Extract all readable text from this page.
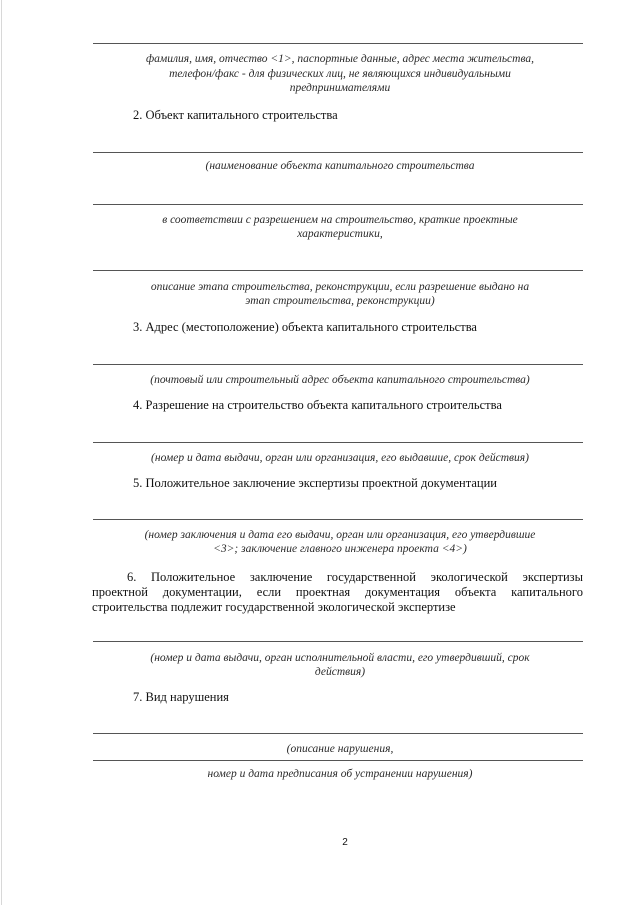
фамилия, имя, отчество <1>, паспортные данные, адрес места жительства,
телефон/факс - для физических лиц, не являющихся индивидуальными
предпринимателями
2. Объект капитального строительства
(наименование объекта капитального строительства
в соответствии с разрешением на строительство, краткие проектные
характеристики,
описание этапа строительства, реконструкции, если разрешение выдано на
этап строительства, реконструкции)
3. Адрес (местоположение) объекта капитального строительства
(почтовый или строительный адрес объекта капитального строительства)
4. Разрешение на строительство объекта капитального строительства
(номер и дата выдачи, орган или организация, его выдавшие, срок действия)
5. Положительное заключение экспертизы проектной документации
(номер заключения и дата его выдачи, орган или организация, его утвердившие
<3>; заключение главного инженера проекта <4>)
6. Положительное заключение государственной экологической экспертизы
проектной документации, если проектная документация объекта капитального
строительства подлежит государственной экологической экспертизе
(номер и дата выдачи, орган исполнительной власти, его утвердивший, срок
действия)
7. Вид нарушения
(описание нарушения,
номер и дата предписания об устранении нарушения)
2
